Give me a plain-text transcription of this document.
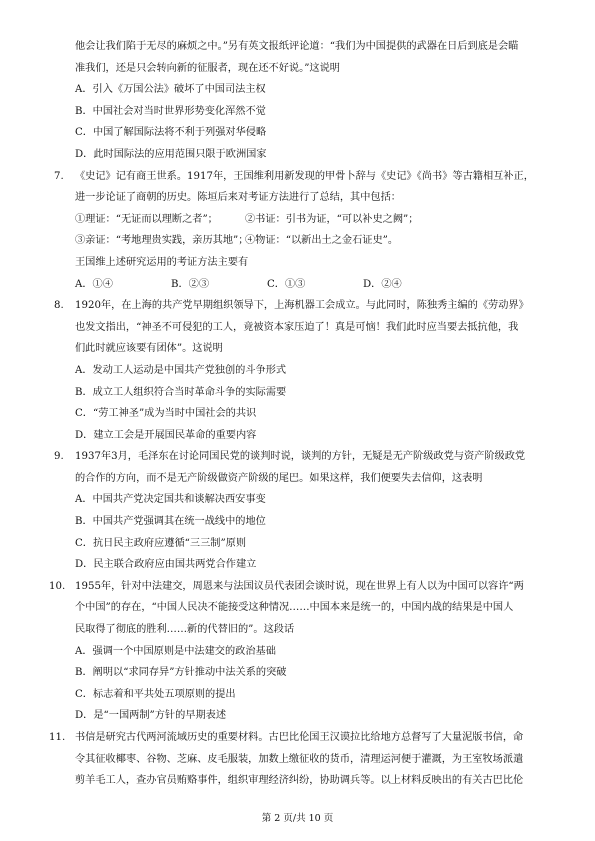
他会让我们陷于无尽的麻烦之中。”另有英文报纸评论道：“我们为中国提供的武器在日后到底是会瞄
准我们，还是只会转向新的征服者，现在还不好说。”这说明
A．引入《万国公法》破坏了中国司法主权
B．中国社会对当时世界形势变化浑然不觉
C．中国了解国际法将不利于列强对华侵略
D．此时国际法的应用范围只限于欧洲国家
7.	《史记》记有商王世系。1917年，王国维利用新发现的甲骨卜辞与《史记》《尚书》等古籍相互补正，
进一步论证了商朝的历史。陈垣后来对考证方法进行了总结，其中包括：
①理证：“无证而以理断之者”；	②书证：引书为证，“可以补史之阙”；
③亲证：“考地理贵实践，亲历其地”；
④物证：“以新出土之金石证史”。
王国维上述研究运用的考证方法主要有
A．①④	B．②③	C．①③	D．②④
8.	1920年，在上海的共产党早期组织领导下，上海机器工会成立。与此同时，陈独秀主编的《劳动界》
也发文指出，“神圣不可侵犯的工人，竟被资本家压迫了！真是可恼！我们此时应当要去抵抗他，我
们此时就应该要有团体”。这说明
A．发动工人运动是中国共产党独创的斗争形式
B．成立工人组织符合当时革命斗争的实际需要
C．“劳工神圣”成为当时中国社会的共识
D．建立工会是开展国民革命的重要内容
9.	1937年3月，毛泽东在讨论同国民党的谈判时说，谈判的方针，无疑是无产阶级政党与资产阶级政党
的合作的方向，而不是无产阶级做资产阶级的尾巴。如果这样，我们便要失去信仰，这表明
A．中国共产党决定国共和谈解决西安事变
B．中国共产党强调其在统一战线中的地位
C．抗日民主政府应遵循“三三制”原则
D．民主联合政府应由国共两党合作建立
10. 1955年，针对中法建交，周恩来与法国议员代表团会谈时说，现在世界上有人以为中国可以容许“两
个中国”的存在，“中国人民决不能接受这种情况……中国本来是统一的，中国内战的结果是中国人
民取得了彻底的胜利……新的代替旧的”。这段话
A．强调一个中国原则是中法建交的政治基础
B．阐明以“求同存异”方针推动中法关系的突破
C．标志着和平共处五项原则的提出
D．是“一国两制”方针的早期表述
11. 书信是研究古代两河流域历史的重要材料。古巴比伦国王汉谟拉比给地方总督写了大量泥版书信，命
令其征收椰枣、谷物、芝麻、皮毛服装，加数上缴征收的货币，清理运河便于灌溉，为王室牧场派遣
剪羊毛工人，查办官员贿赂事件，组织审理经济纠纷，协助调兵等。以上材料反映出的有关古巴比伦
第 2 页/共 10 页
